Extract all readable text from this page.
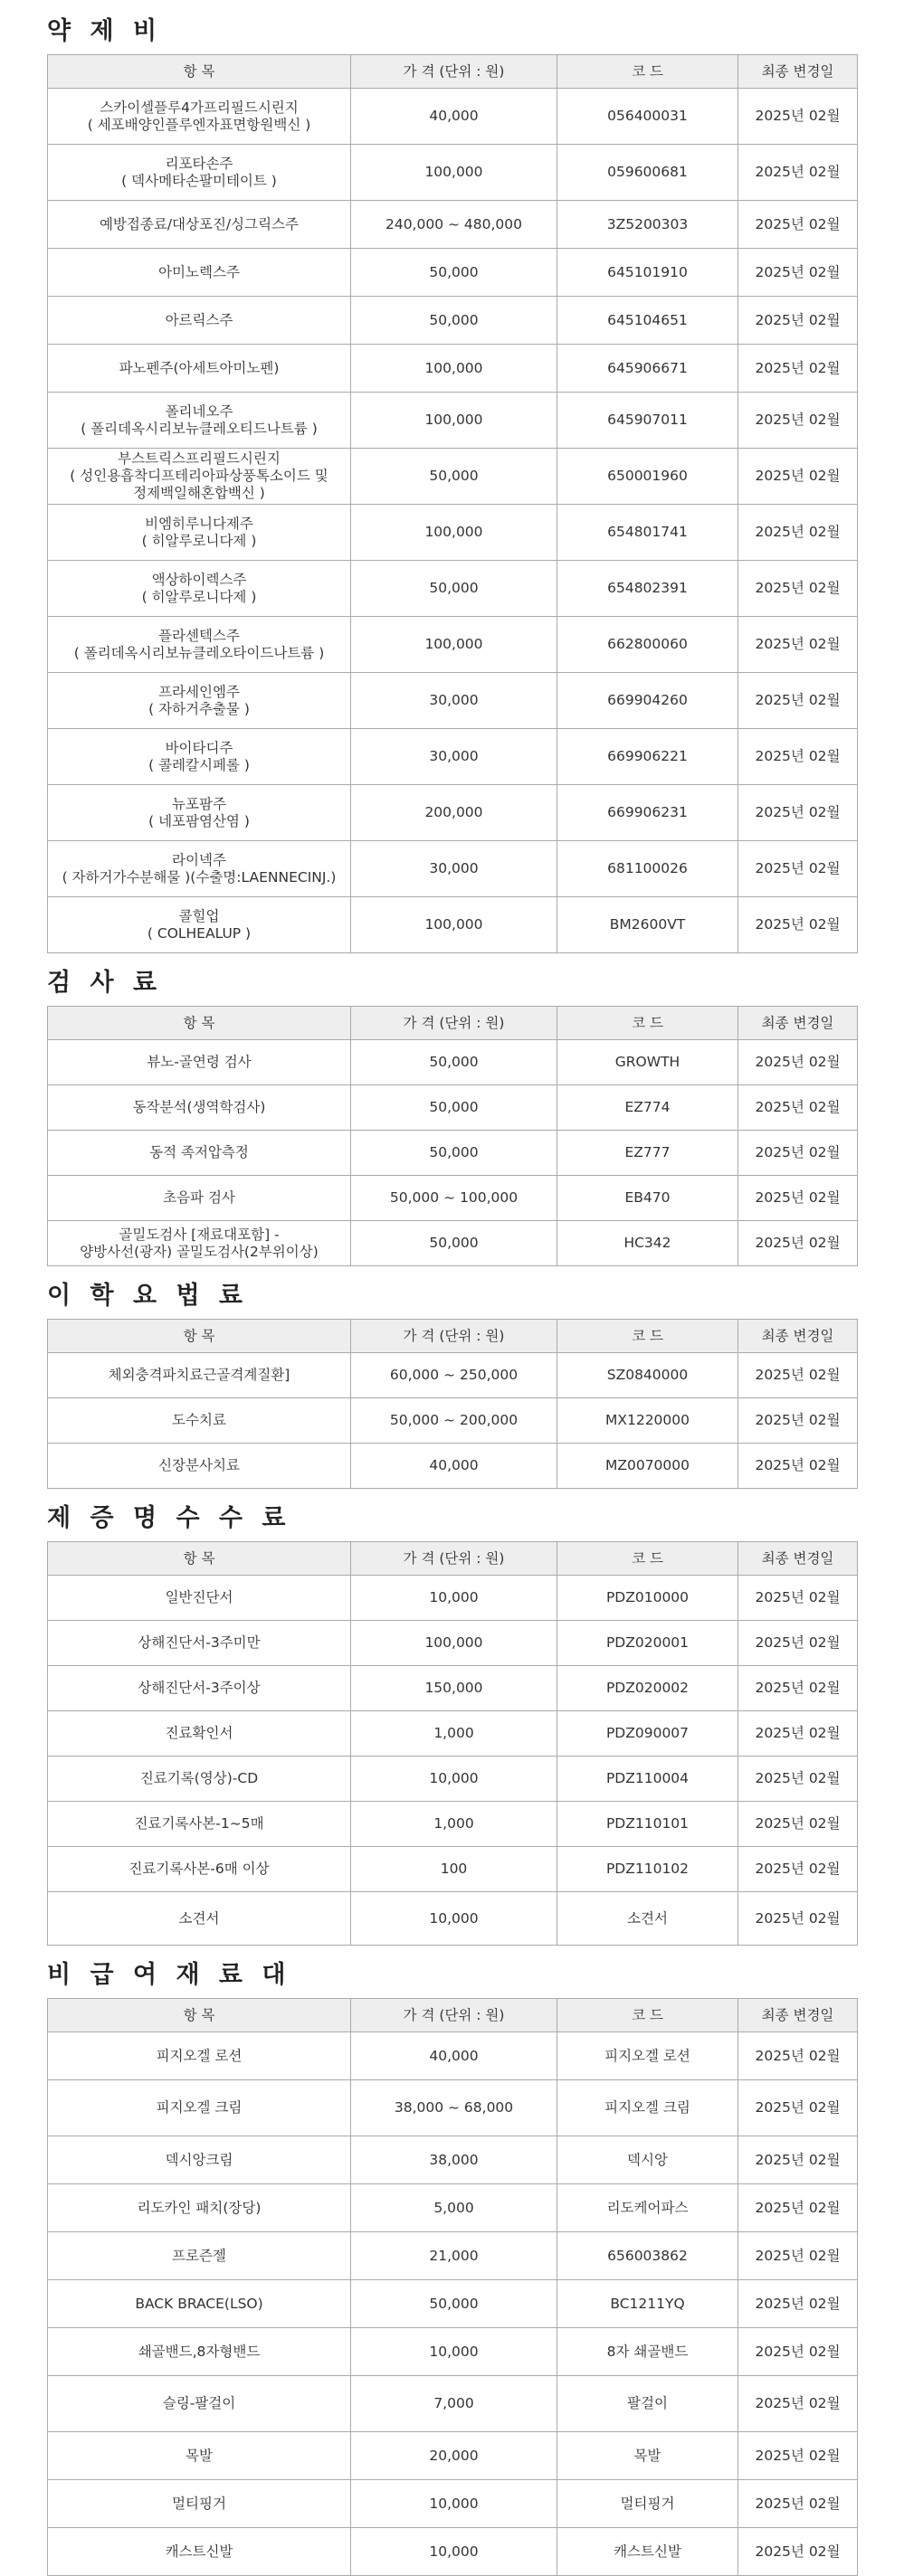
약 제 비
항 목	가 격 (단위 : 원)	코 드	최종 변경일
스카이셀플루4가프리필드시린지
( 세포배양인플루엔자표면항원백신 )	40,000	056400031	2025년 02월
리포타손주
( 덱사메타손팔미테이트 )	100,000	059600681	2025년 02월
예방접종료/대상포진/싱그릭스주	240,000 ~ 480,000	3Z5200303	2025년 02월
아미노렉스주	50,000	645101910	2025년 02월
아르릭스주	50,000	645104651	2025년 02월
파노펜주(아세트아미노펜)	100,000	645906671	2025년 02월
폴리네오주
( 폴리데옥시리보뉴클레오티드나트륨 )	100,000	645907011	2025년 02월
부스트릭스프리필드시린지
( 성인용흡착디프테리아파상풍톡소이드 및
정제백일해혼합백신 )	50,000	650001960	2025년 02월
비엠히루니다제주
( 히알루로니다제 )	100,000	654801741	2025년 02월
액상하이렉스주
( 히알루로니다제 )	50,000	654802391	2025년 02월
플라센텍스주
( 폴리데옥시리보뉴클레오타이드나트륨 )	100,000	662800060	2025년 02월
프라세인엠주
( 자하거추출물 )	30,000	669904260	2025년 02월
바이타디주
( 콜레칼시페롤 )	30,000	669906221	2025년 02월
뉴포팜주
( 네포팜염산염 )	200,000	669906231	2025년 02월
라이넥주
( 자하거가수분해물 )(수출명:LAENNECINJ.)	30,000	681100026	2025년 02월
콜힐업
( COLHEALUP )	100,000	BM2600VT	2025년 02월
검 사 료
항 목	가 격 (단위 : 원)	코 드	최종 변경일
뷰노-골연령 검사	50,000	GROWTH	2025년 02월
동작분석(생역학검사)	50,000	EZ774	2025년 02월
동적 족저압측정	50,000	EZ777	2025년 02월
초음파 검사	50,000 ~ 100,000	EB470	2025년 02월
골밀도검사 [재료대포함] -
양방사선(광자) 골밀도검사(2부위이상)	50,000	HC342	2025년 02월
이 학 요 법 료
항 목	가 격 (단위 : 원)	코 드	최종 변경일
체외충격파치료근골격계질환]	60,000 ~ 250,000	SZ0840000	2025년 02월
도수치료	50,000 ~ 200,000	MX1220000	2025년 02월
신장분사치료	40,000	MZ0070000	2025년 02월
제 증 명 수 수 료
항 목	가 격 (단위 : 원)	코 드	최종 변경일
일반진단서	10,000	PDZ010000	2025년 02월
상해진단서-3주미만	100,000	PDZ020001	2025년 02월
상해진단서-3주이상	150,000	PDZ020002	2025년 02월
진료확인서	1,000	PDZ090007	2025년 02월
진료기록(영상)-CD	10,000	PDZ110004	2025년 02월
진료기록사본-1~5매	1,000	PDZ110101	2025년 02월
진료기록사본-6매 이상	100	PDZ110102	2025년 02월
소견서	10,000	소견서	2025년 02월
비 급 여 재 료 대
항 목	가 격 (단위 : 원)	코 드	최종 변경일
피지오겔 로션	40,000	피지오겔 로션	2025년 02월
피지오겔 크림	38,000 ~ 68,000	피지오겔 크림	2025년 02월
덱시앙크림	38,000	덱시앙	2025년 02월
리도카인 패치(장당)	5,000	리도케어파스	2025년 02월
프로즌젤	21,000	656003862	2025년 02월
BACK BRACE(LSO)	50,000	BC1211YQ	2025년 02월
쇄골밴드,8자형밴드	10,000	8자 쇄골밴드	2025년 02월
슬링-팔걸이	7,000	팔걸이	2025년 02월
목발	20,000	목발	2025년 02월
멀티핑거	10,000	멀티핑거	2025년 02월
캐스트신발	10,000	캐스트신발	2025년 02월
